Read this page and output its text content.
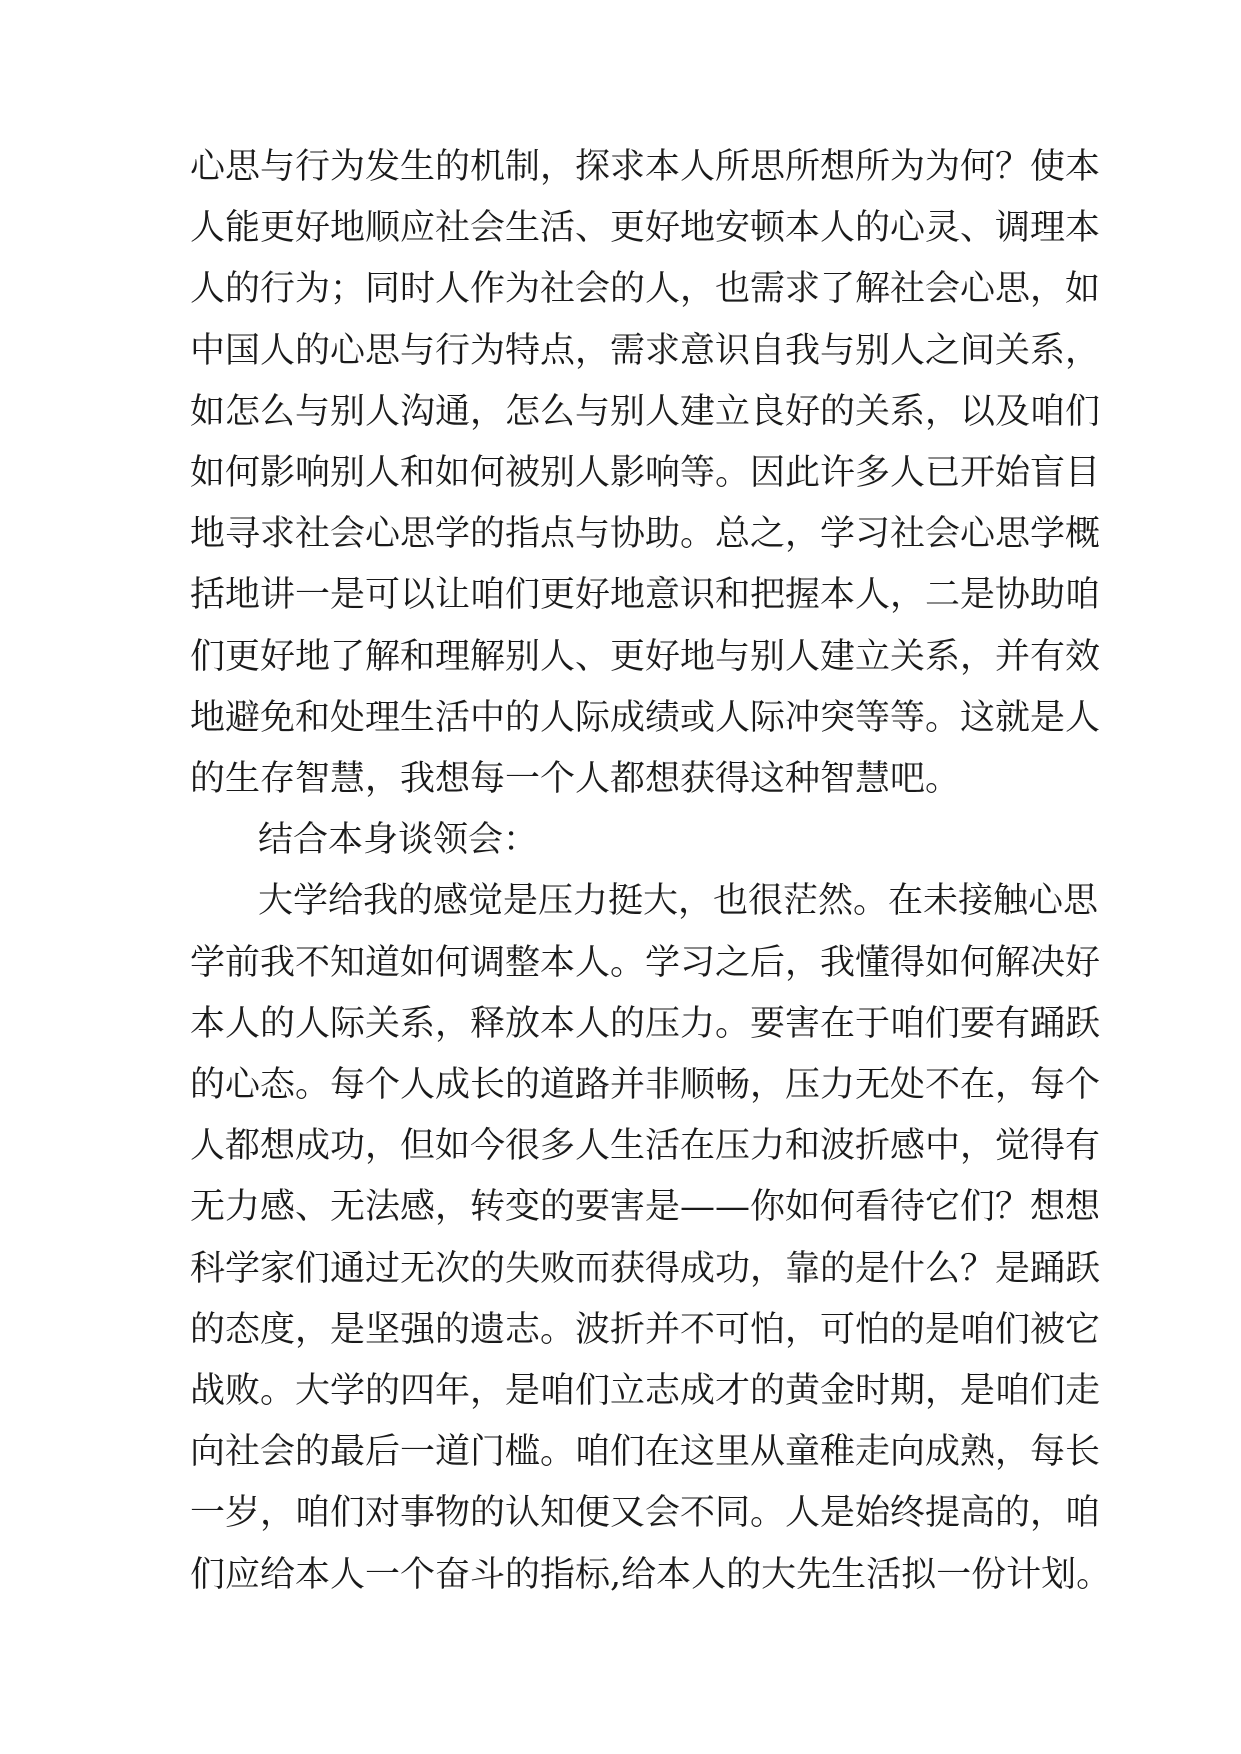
心思与行为发生的机制，探求本人所思所想所为为何？使本
人能更好地顺应社会生活、更好地安顿本人的心灵、调理本
人的行为；同时人作为社会的人，也需求了解社会心思，如
中国人的心思与行为特点，需求意识自我与别人之间关系，
如怎么与别人沟通，怎么与别人建立良好的关系，以及咱们
如何影响别人和如何被别人影响等。因此许多人已开始盲目
地寻求社会心思学的指点与协助。总之，学习社会心思学概
括地讲一是可以让咱们更好地意识和把握本人，二是协助咱
们更好地了解和理解别人、更好地与别人建立关系，并有效
地避免和处理生活中的人际成绩或人际冲突等等。这就是人
的生存智慧，我想每一个人都想获得这种智慧吧。
结合本身谈领会：
大学给我的感觉是压力挺大，也很茫然。在未接触心思
学前我不知道如何调整本人。学习之后，我懂得如何解决好
本人的人际关系，释放本人的压力。要害在于咱们要有踊跃
的心态。每个人成长的道路并非顺畅，压力无处不在，每个
人都想成功，但如今很多人生活在压力和波折感中，觉得有
无力感、无法感，转变的要害是——你如何看待它们？想想
科学家们通过无次的失败而获得成功，靠的是什么？是踊跃
的态度，是坚强的遗志。波折并不可怕，可怕的是咱们被它
战败。大学的四年，是咱们立志成才的黄金时期，是咱们走
向社会的最后一道门槛。咱们在这里从童稚走向成熟，每长
一岁，咱们对事物的认知便又会不同。人是始终提高的，咱
们应给本人一个奋斗的指标,给本人的大先生活拟一份计划。
